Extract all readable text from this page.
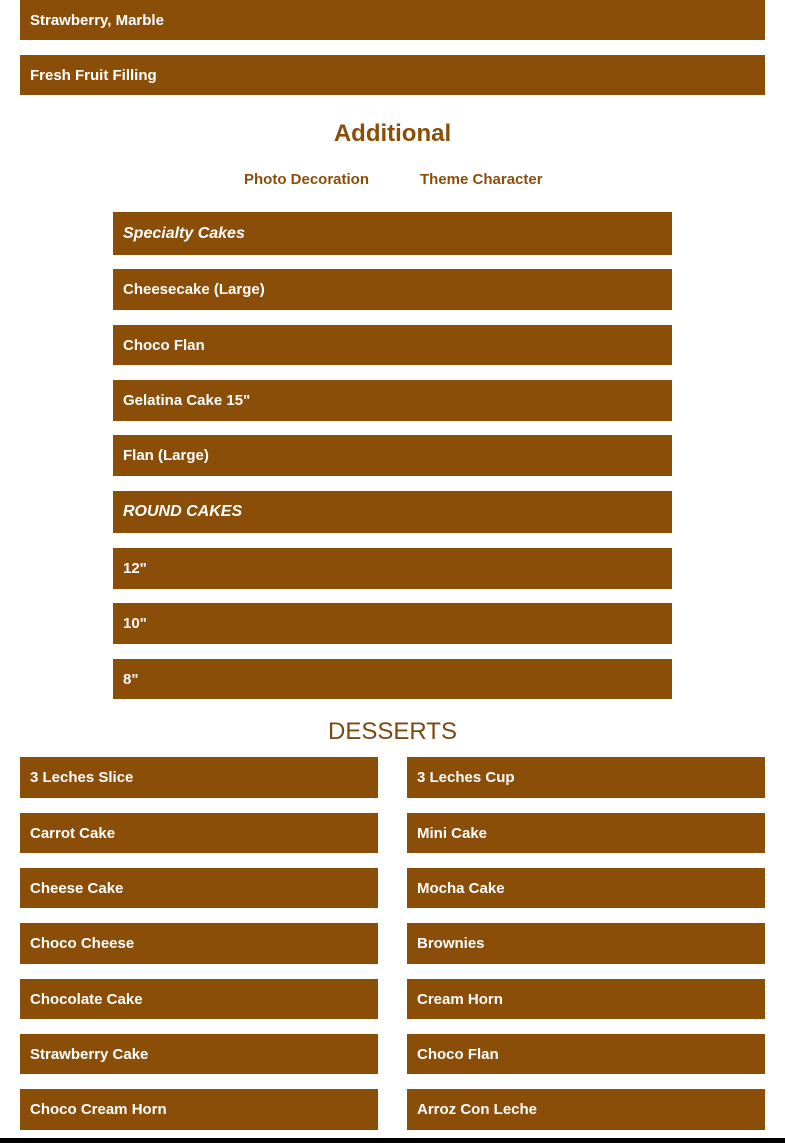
Strawberry, Marble
Fresh Fruit Filling
Additional
Photo Decoration	Theme Character
Specialty Cakes
Cheesecake (Large)
Choco Flan
Gelatina Cake 15"
Flan (Large)
ROUND CAKES
12"
10"
8"
DESSERTS
3 Leches Slice
Carrot Cake
Cheese Cake
Choco Cheese
Chocolate Cake
Strawberry Cake
Choco Cream Horn
3 Leches Cup
Mini Cake
Mocha Cake
Brownies
Cream Horn
Choco Flan
Arroz Con Leche
